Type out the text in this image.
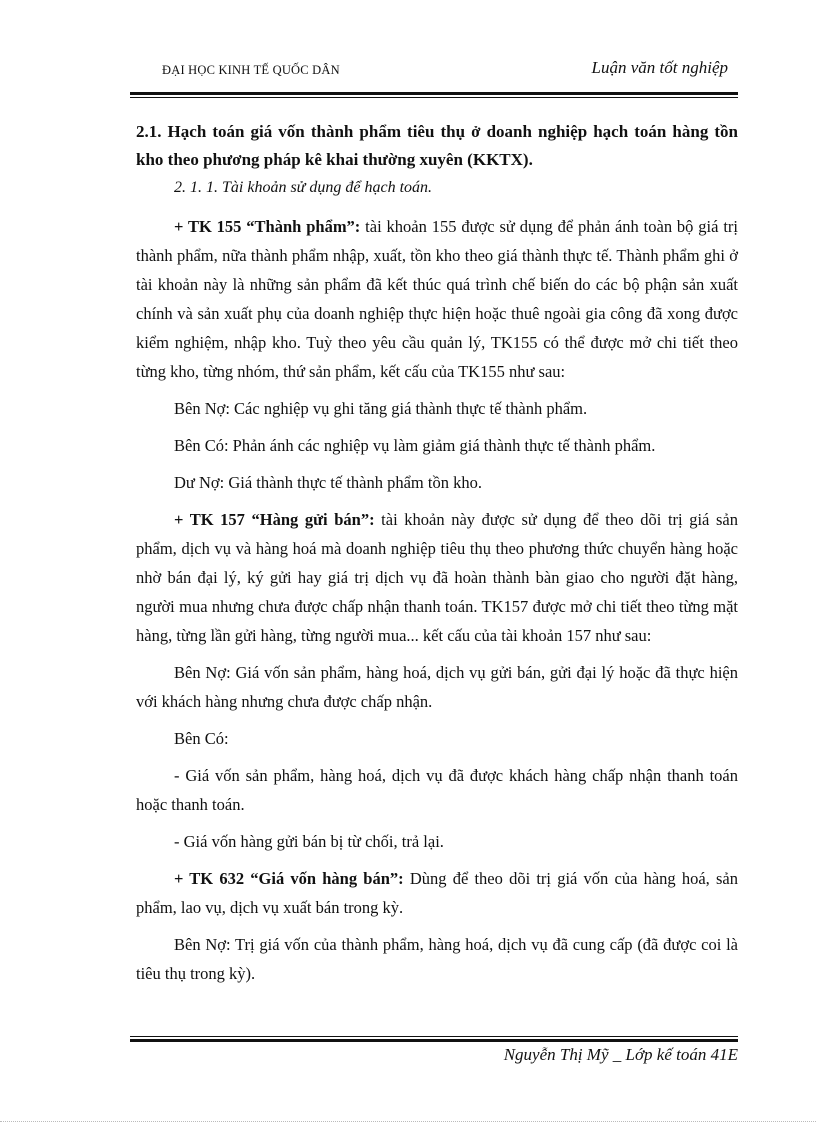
ĐẠI HỌC KINH TẾ QUỐC DÂN	Luận văn tốt nghiệp

2.1. Hạch toán giá vốn thành phẩm tiêu thụ ở doanh nghiệp hạch toán hàng tồn kho theo phương pháp kê khai thường xuyên (KKTX).

2. 1. 1. Tài khoản sử dụng để hạch toán.

+ TK 155 “Thành phẩm”: tài khoản 155 được sử dụng để phản ánh toàn bộ giá trị thành phẩm, nữa thành phẩm nhập, xuất, tồn kho theo giá thành thực tế. Thành phẩm ghi ở tài khoản này là những sản phẩm đã kết thúc quá trình chế biến do các bộ phận sản xuất chính và sản xuất phụ của doanh nghiệp thực hiện hoặc thuê ngoài gia công đã xong được kiểm nghiệm, nhập kho. Tuỳ theo yêu cầu quản lý, TK155 có thể được mở chi tiết theo từng kho, từng nhóm, thứ sản phẩm, kết cấu của TK155 như sau:

Bên Nợ: Các nghiệp vụ ghi tăng giá thành thực tế thành phẩm.

Bên Có: Phản ánh các nghiệp vụ làm giảm giá thành thực tế thành phẩm.

Dư Nợ: Giá thành thực tế thành phẩm tồn kho.

+ TK 157 “Hàng gửi bán”: tài khoản này được sử dụng để theo dõi trị giá sản phẩm, dịch vụ và hàng hoá mà doanh nghiệp tiêu thụ theo phương thức chuyển hàng hoặc nhờ bán đại lý, ký gửi hay giá trị dịch vụ đã hoàn thành bàn giao cho người đặt hàng, người mua nhưng chưa được chấp nhận thanh toán. TK157 được mở chi tiết theo từng mặt hàng, từng lần gửi hàng, từng người mua... kết cấu của tài khoản 157 như sau:

Bên Nợ: Giá vốn sản phẩm, hàng hoá, dịch vụ gửi bán, gửi đại lý hoặc đã thực hiện với khách hàng nhưng chưa được chấp nhận.

Bên Có:

- Giá vốn sản phẩm, hàng hoá, dịch vụ đã được khách hàng chấp nhận thanh toán hoặc thanh toán.

- Giá vốn hàng gửi bán bị từ chối, trả lại.

+ TK 632 “Giá vốn hàng bán”: Dùng để theo dõi trị giá vốn của hàng hoá, sản phẩm, lao vụ, dịch vụ xuất bán trong kỳ.

Bên Nợ: Trị giá vốn của thành phẩm, hàng hoá, dịch vụ đã cung cấp (đã được coi là tiêu thụ trong kỳ).

Nguyễn Thị Mỹ _ Lớp kế toán 41E
